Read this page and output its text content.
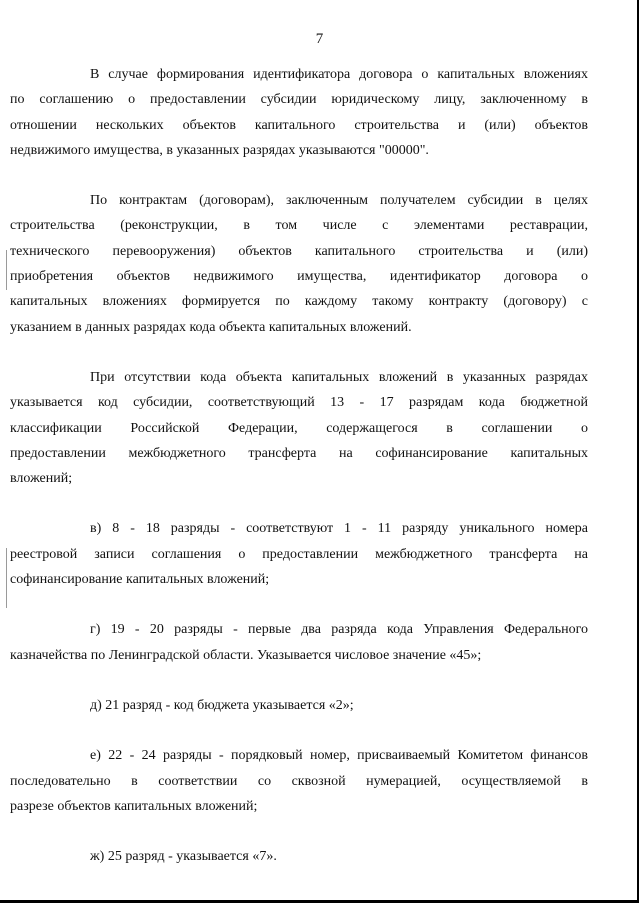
7

В случае формирования идентификатора договора о капитальных вложениях
по соглашению о предоставлении субсидии юридическому лицу, заключенному в
отношении нескольких объектов капитального строительства и (или) объектов
недвижимого имущества, в указанных разрядах указываются "00000".

По контрактам (договорам), заключенным получателем субсидии в целях
строительства (реконструкции, в том числе с элементами реставрации,
технического перевооружения) объектов капитального строительства и (или)
приобретения объектов недвижимого имущества, идентификатор договора о
капитальных вложениях формируется по каждому такому контракту (договору) с
указанием в данных разрядах кода объекта капитальных вложений.

При отсутствии кода объекта капитальных вложений в указанных разрядах
указывается код субсидии, соответствующий 13 - 17 разрядам кода бюджетной
классификации Российской Федерации, содержащегося в соглашении о
предоставлении межбюджетного трансферта на софинансирование капитальных
вложений;

в) 8 - 18 разряды - соответствуют 1 - 11 разряду уникального номера
реестровой записи соглашения о предоставлении межбюджетного трансферта на
софинансирование капитальных вложений;

г) 19 - 20 разряды - первые два разряда кода Управления Федерального
казначейства по Ленинградской области. Указывается числовое значение «45»;

д) 21 разряд - код бюджета указывается «2»;

е) 22 - 24 разряды - порядковый номер, присваиваемый Комитетом финансов
последовательно в соответствии со сквозной нумерацией, осуществляемой в
разрезе объектов капитальных вложений;

ж) 25 разряд - указывается «7».
